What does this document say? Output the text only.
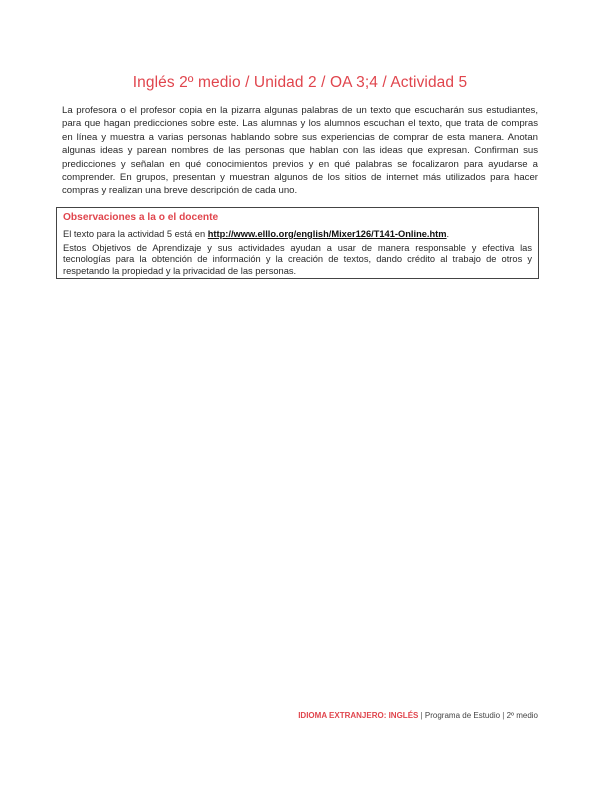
Inglés 2º medio / Unidad 2 / OA 3;4 / Actividad 5
La profesora o el profesor copia en la pizarra algunas palabras de un texto que escucharán sus estudiantes, para que hagan predicciones sobre este. Las alumnas y los alumnos escuchan el texto, que trata de compras en línea y muestra a varias personas hablando sobre sus experiencias de comprar de esta manera. Anotan algunas ideas y parean nombres de las personas que hablan con las ideas que expresan. Confirman sus predicciones y señalan en qué conocimientos previos y en qué palabras se focalizaron para ayudarse a comprender. En grupos, presentan y muestran algunos de los sitios de internet más utilizados para hacer compras y realizan una breve descripción de cada uno.
Observaciones a la o el docente
El texto para la actividad 5 está en http://www.elllo.org/english/Mixer126/T141-Online.htm.
Estos Objetivos de Aprendizaje y sus actividades ayudan a usar de manera responsable y efectiva las tecnologías para la obtención de información y la creación de textos, dando crédito al trabajo de otros y respetando la propiedad y la privacidad de las personas.
IDIOMA EXTRANJERO: INGLÉS | Programa de Estudio | 2º medio
